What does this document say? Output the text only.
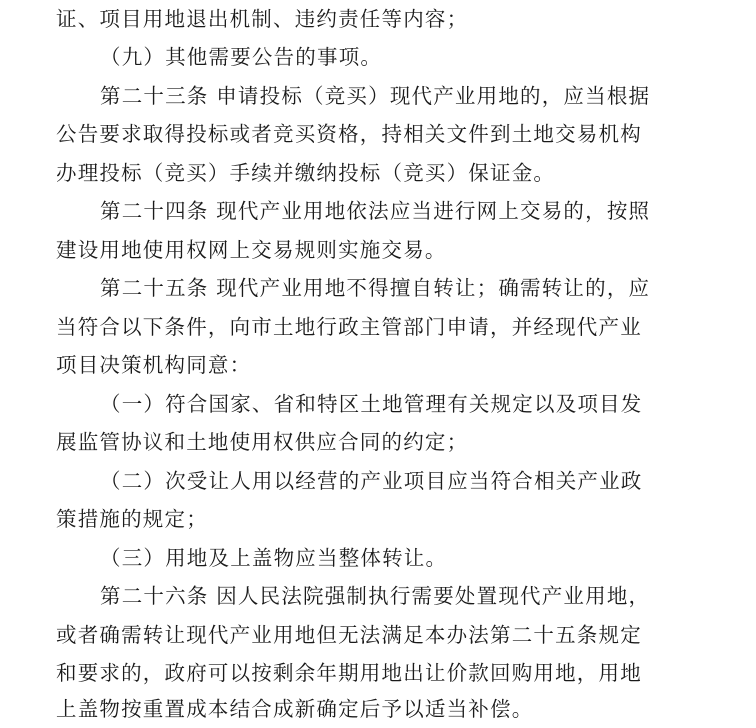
证、项目用地退出机制、违约责任等内容；
（九）其他需要公告的事项。
第二十三条 申请投标（竞买）现代产业用地的，应当根据
公告要求取得投标或者竞买资格，持相关文件到土地交易机构
办理投标（竞买）手续并缴纳投标（竞买）保证金。
第二十四条 现代产业用地依法应当进行网上交易的，按照
建设用地使用权网上交易规则实施交易。
第二十五条 现代产业用地不得擅自转让；确需转让的，应
当符合以下条件，向市土地行政主管部门申请，并经现代产业
项目决策机构同意：
（一）符合国家、省和特区土地管理有关规定以及项目发
展监管协议和土地使用权供应合同的约定；
（二）次受让人用以经营的产业项目应当符合相关产业政
策措施的规定；
（三）用地及上盖物应当整体转让。
第二十六条 因人民法院强制执行需要处置现代产业用地，
或者确需转让现代产业用地但无法满足本办法第二十五条规定
和要求的，政府可以按剩余年期用地出让价款回购用地，用地
上盖物按重置成本结合成新确定后予以适当补偿。
